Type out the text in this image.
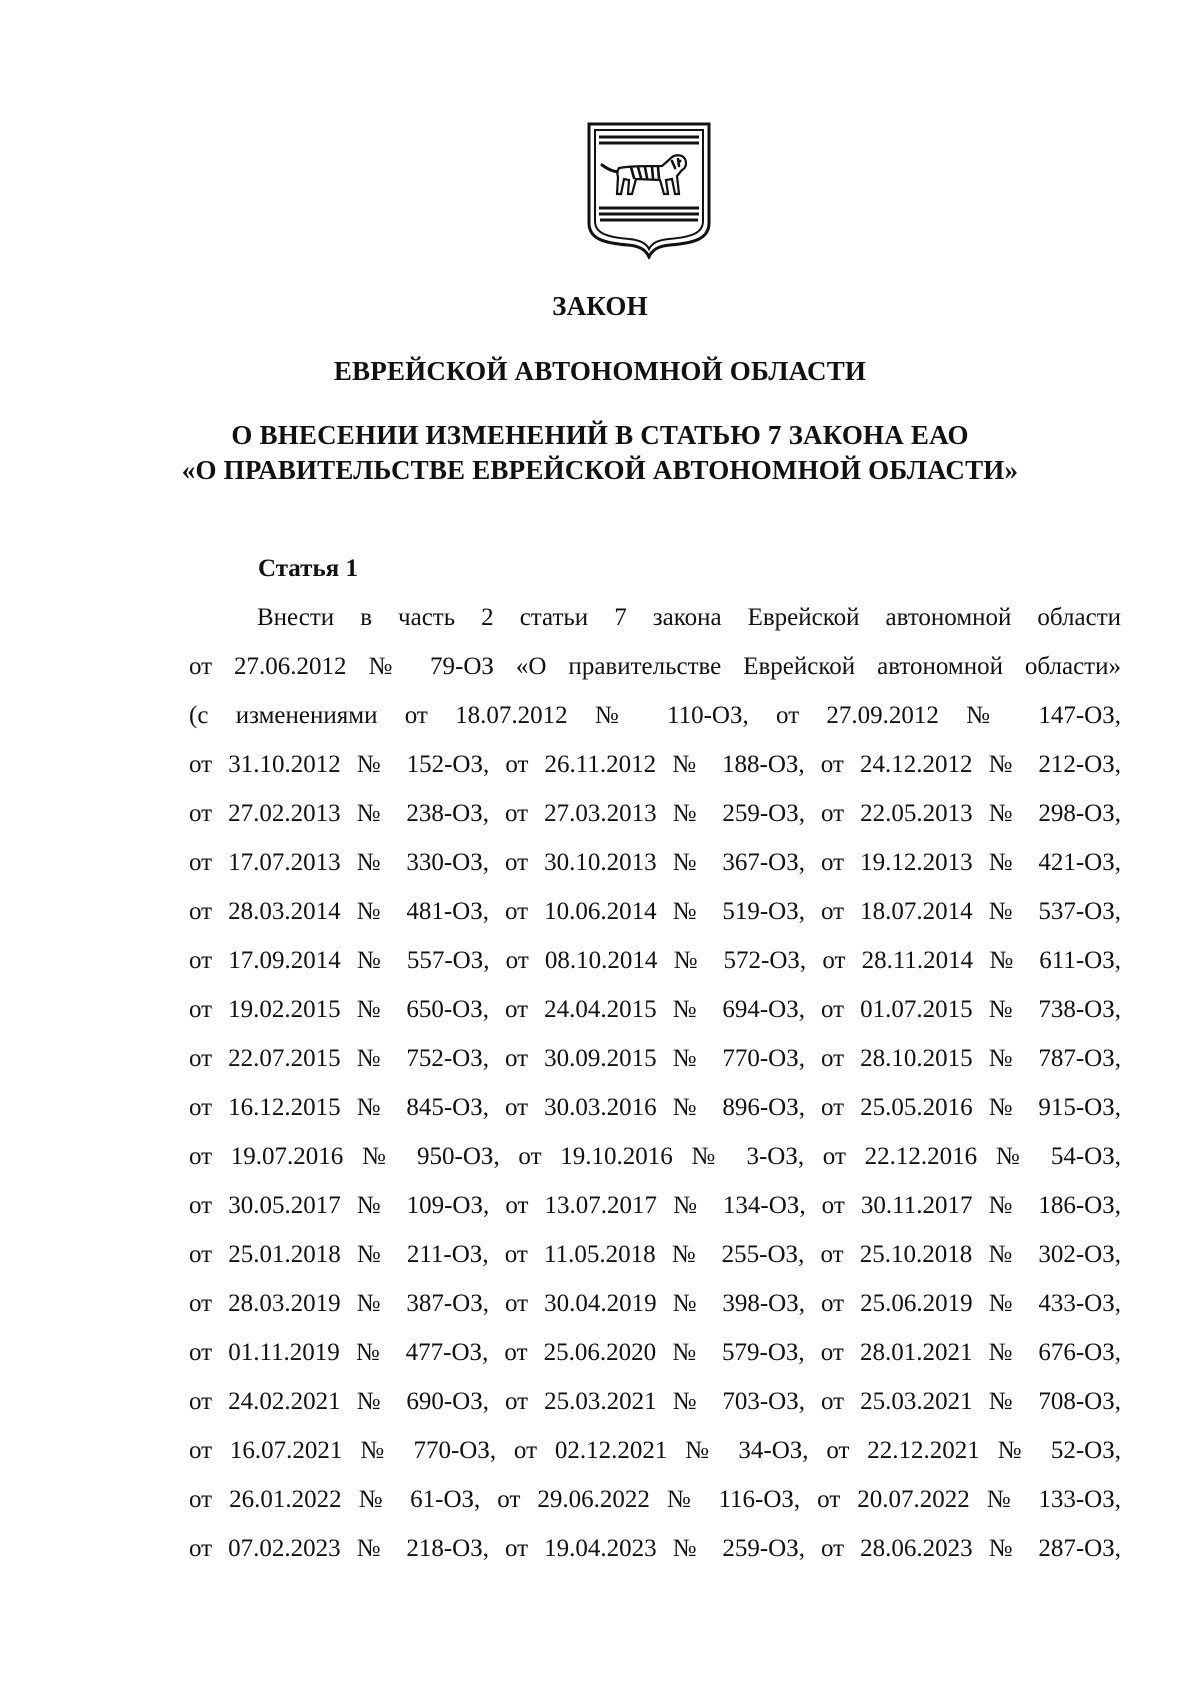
ЗАКОН
ЕВРЕЙСКОЙ АВТОНОМНОЙ ОБЛАСТИ
О ВНЕСЕНИИ ИЗМЕНЕНИЙ В СТАТЬЮ 7 ЗАКОНА ЕАО
«О ПРАВИТЕЛЬСТВЕ ЕВРЕЙСКОЙ АВТОНОМНОЙ ОБЛАСТИ»
Статья 1
Внести в часть 2 статьи 7 закона Еврейской автономной области
от 27.06.2012 № 79-ОЗ «О правительстве Еврейской автономной области»
(с изменениями от 18.07.2012 № 110-ОЗ, от 27.09.2012 № 147-ОЗ,
от 31.10.2012 № 152-ОЗ, от 26.11.2012 № 188-ОЗ, от 24.12.2012 № 212-ОЗ,
от 27.02.2013 № 238-ОЗ, от 27.03.2013 № 259-ОЗ, от 22.05.2013 № 298-ОЗ,
от 17.07.2013 № 330-ОЗ, от 30.10.2013 № 367-ОЗ, от 19.12.2013 № 421-ОЗ,
от 28.03.2014 № 481-ОЗ, от 10.06.2014 № 519-ОЗ, от 18.07.2014 № 537-ОЗ,
от 17.09.2014 № 557-ОЗ, от 08.10.2014 № 572-ОЗ, от 28.11.2014 № 611-ОЗ,
от 19.02.2015 № 650-ОЗ, от 24.04.2015 № 694-ОЗ, от 01.07.2015 № 738-ОЗ,
от 22.07.2015 № 752-ОЗ, от 30.09.2015 № 770-ОЗ, от 28.10.2015 № 787-ОЗ,
от 16.12.2015 № 845-ОЗ, от 30.03.2016 № 896-ОЗ, от 25.05.2016 № 915-ОЗ,
от 19.07.2016 № 950-ОЗ, от 19.10.2016 № 3-ОЗ, от 22.12.2016 № 54-ОЗ,
от 30.05.2017 № 109-ОЗ, от 13.07.2017 № 134-ОЗ, от 30.11.2017 № 186-ОЗ,
от 25.01.2018 № 211-ОЗ, от 11.05.2018 № 255-ОЗ, от 25.10.2018 № 302-ОЗ,
от 28.03.2019 № 387-ОЗ, от 30.04.2019 № 398-ОЗ, от 25.06.2019 № 433-ОЗ,
от 01.11.2019 № 477-ОЗ, от 25.06.2020 № 579-ОЗ, от 28.01.2021 № 676-ОЗ,
от 24.02.2021 № 690-ОЗ, от 25.03.2021 № 703-ОЗ, от 25.03.2021 № 708-ОЗ,
от 16.07.2021 № 770-ОЗ, от 02.12.2021 № 34-ОЗ, от 22.12.2021 № 52-ОЗ,
от 26.01.2022 № 61-ОЗ, от 29.06.2022 № 116-ОЗ, от 20.07.2022 № 133-ОЗ,
от 07.02.2023 № 218-ОЗ, от 19.04.2023 № 259-ОЗ, от 28.06.2023 № 287-ОЗ,
